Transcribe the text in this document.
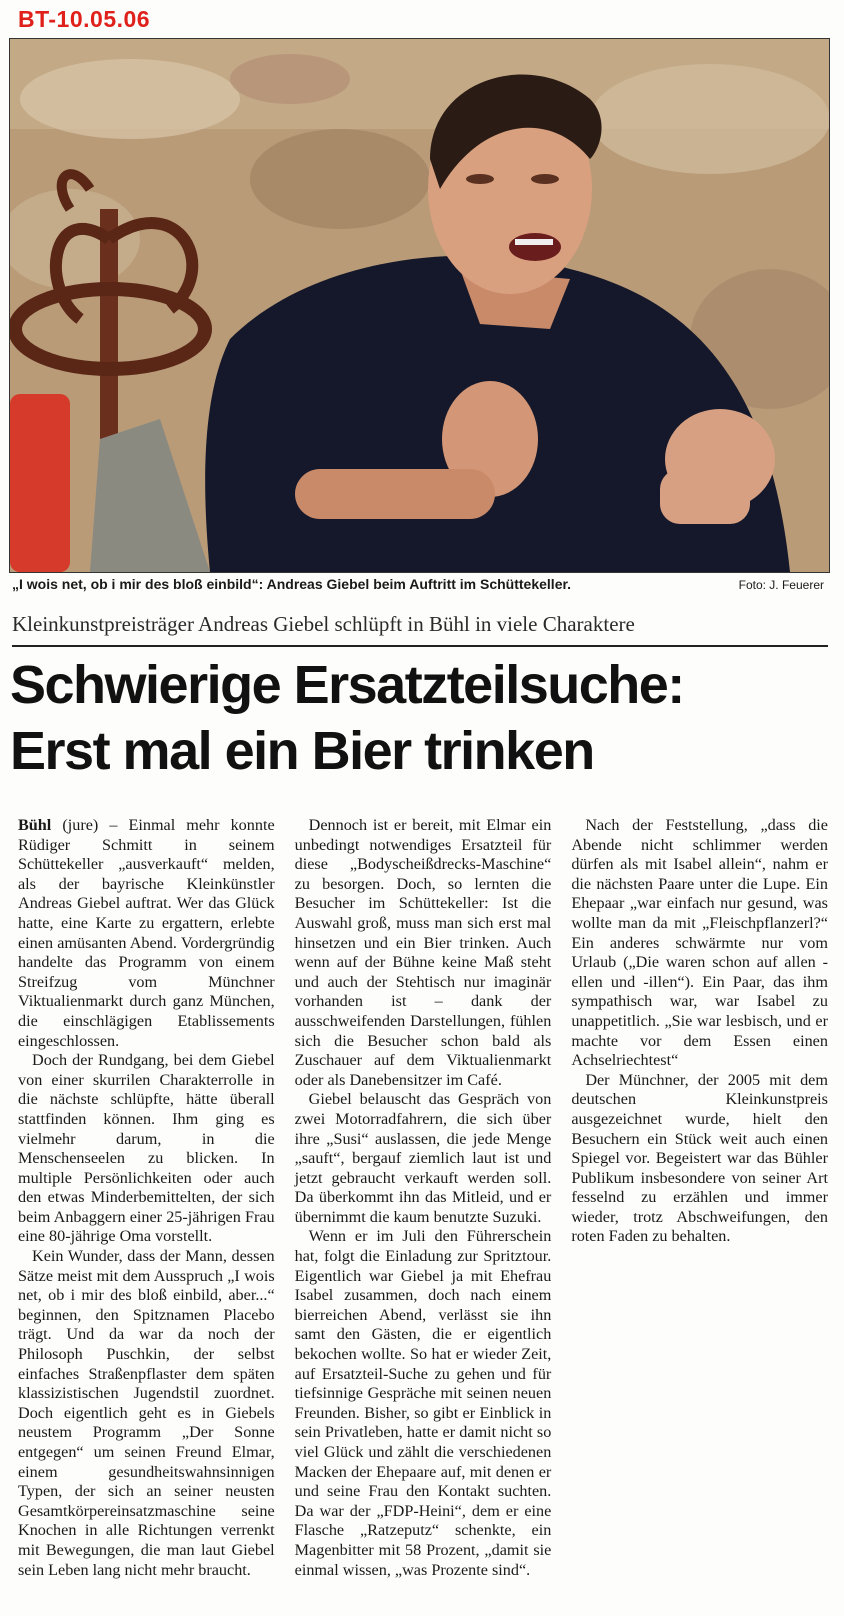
BT-10.05.06
„I wois net, ob i mir des bloß einbild“: Andreas Giebel beim Auftritt im Schüttekeller.	Foto: J. Feuerer
Kleinkunstpreisträger Andreas Giebel schlüpft in Bühl in viele Charaktere
Schwierige Ersatzteilsuche:
Erst mal ein Bier trinken

Bühl (jure) – Einmal mehr konnte Rüdiger Schmitt in seinem Schüttekeller „ausverkauft“ melden, als der bayrische Kleinkünstler Andreas Giebel auftrat. Wer das Glück hatte, eine Karte zu ergattern, erlebte einen amüsanten Abend. Vordergründig handelte das Programm von einem Streifzug vom Münchner Viktualienmarkt durch ganz München, die einschlägigen Etablissements eingeschlossen.

Doch der Rundgang, bei dem Giebel von einer skurrilen Charakterrolle in die nächste schlüpfte, hätte überall stattfinden können. Ihm ging es vielmehr darum, in die Menschenseelen zu blicken. In multiple Persönlichkeiten oder auch den etwas Minderbemittelten, der sich beim Anbaggern einer 25-jährigen Frau eine 80-jährige Oma vorstellt.

Kein Wunder, dass der Mann, dessen Sätze meist mit dem Ausspruch „I wois net, ob i mir des bloß einbild, aber...“ beginnen, den Spitznamen Placebo trägt. Und da war da noch der Philosoph Puschkin, der selbst einfaches Straßenpflaster dem späten klassizistischen Jugendstil zuordnet. Doch eigentlich geht es in Giebels neustem Programm „Der Sonne entgegen“ um seinen Freund Elmar, einem gesundheitswahnsinnigen Typen, der sich an seiner neusten Gesamtkörpereinsatzmaschine seine Knochen in alle Richtungen verrenkt mit Bewegungen, die man laut Giebel sein Leben lang nicht mehr braucht.

Dennoch ist er bereit, mit Elmar ein unbedingt notwendiges Ersatzteil für diese „Bodyscheißdrecks-Maschine“ zu besorgen. Doch, so lernten die Besucher im Schüttekeller: Ist die Auswahl groß, muss man sich erst mal hinsetzen und ein Bier trinken. Auch wenn auf der Bühne keine Maß steht und auch der Stehtisch nur imaginär vorhanden ist – dank der ausschweifenden Darstellungen, fühlen sich die Besucher schon bald als Zuschauer auf dem Viktualienmarkt oder als Danebensitzer im Café.

Giebel belauscht das Gespräch von zwei Motorradfahrern, die sich über ihre „Susi“ auslassen, die jede Menge „sauft“, bergauf ziemlich laut ist und jetzt gebraucht verkauft werden soll. Da überkommt ihn das Mitleid, und er übernimmt die kaum benutzte Suzuki.

Wenn er im Juli den Führerschein hat, folgt die Einladung zur Spritztour. Eigentlich war Giebel ja mit Ehefrau Isabel zusammen, doch nach einem bierreichen Abend, verlässt sie ihn samt den Gästen, die er eigentlich bekochen wollte. So hat er wieder Zeit, auf Ersatzteil-Suche zu gehen und für tiefsinnige Gespräche mit seinen neuen Freunden. Bisher, so gibt er Einblick in sein Privatleben, hatte er damit nicht so viel Glück und zählt die verschiedenen Macken der Ehepaare auf, mit denen er und seine Frau den Kontakt suchten. Da war der „FDP-Heini“, dem er eine Flasche „Ratzeputz“ schenkte, ein Magenbitter mit 58 Prozent, „damit sie einmal wissen, „was Prozente sind“.

Nach der Feststellung, „dass die Abende nicht schlimmer werden dürfen als mit Isabel allein“, nahm er die nächsten Paare unter die Lupe. Ein Ehepaar „war einfach nur gesund, was wollte man da mit „Fleischpflanzerl?“ Ein anderes schwärmte nur vom Urlaub („Die waren schon auf allen -ellen und -illen“). Ein Paar, das ihm sympathisch war, war Isabel zu unappetitlich. „Sie war lesbisch, und er machte vor dem Essen einen Achselriechtest“

Der Münchner, der 2005 mit dem deutschen Kleinkunstpreis ausgezeichnet wurde, hielt den Besuchern ein Stück weit auch einen Spiegel vor. Begeistert war das Bühler Publikum insbesondere von seiner Art fesselnd zu erzählen und immer wieder, trotz Abschweifungen, den roten Faden zu behalten.
